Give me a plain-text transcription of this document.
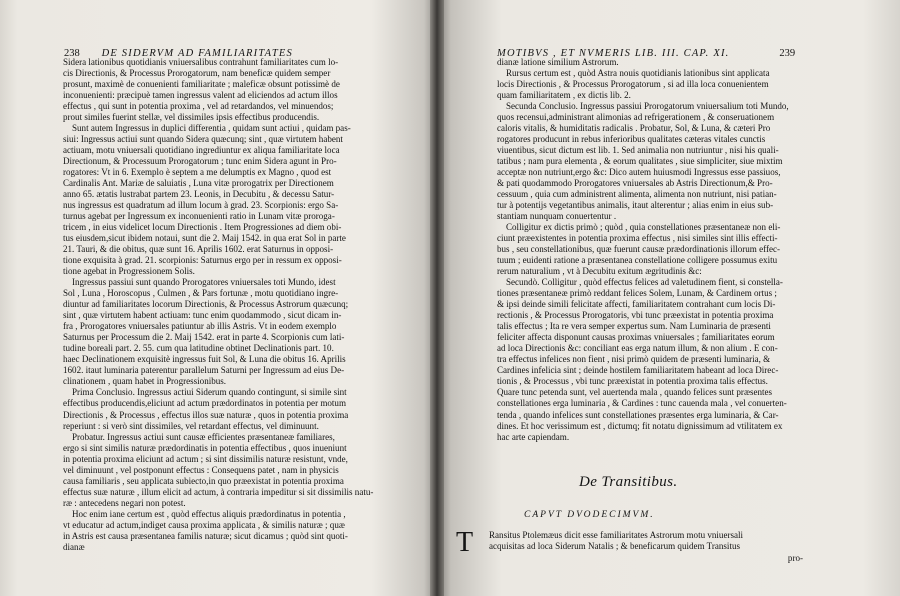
238 DE SIDERVM AD FAMILIARITATES
Sidera lationibus quotidianis vniuersalibus contrahunt familiaritates cum lo-
cis Directionis, & Processus Prorogatorum, nam beneficæ quidem semper
prosunt, maximè de conuenienti familiaritate ; maleficæ obsunt potissimè de
inconuenienti: præcipuè tamen ingressus valent ad eliciendos ad actum illos
effectus , qui sunt in potentia proxima , vel ad retardandos, vel minuendos;
prout similes fuerint stellæ, vel dissimiles ipsis effectibus producendis.
Sunt autem Ingressus in duplici differentia , quidam sunt actiui , quidam pas-
siui: Ingressus actiui sunt quando Sidera quæcunq; sint , quæ virtutem habent
actiuam, motu vniuersali quotidiano ingrediuntur ex aliqua familiaritate loca
Directionum, & Processuum Prorogatorum ; tunc enim Sidera agunt in Pro-
rogatores: Vt in 6. Exemplo è septem a me delumptis ex Magno , quod est
Cardinalis Ant. Mariæ de saluiatis , Luna vitæ prorogatrix per Directionem
anno 65. ætatis lustrabat partem 23. Leonis, in Decubitu , & decessu Satur-
nus ingressus est quadratum ad illum locum à grad. 23. Scorpionis: ergo Sa-
turnus agebat per Ingressum ex inconuenienti ratio in Lunam vitæ proroga-
tricem , in eius videlicet locum Directionis . Item Progressiones ad diem obi-
tus eiusdem,sicut ibidem notaui, sunt die 2. Maij 1542. in qua erat Sol in parte
21. Tauri, & die obitus, quæ sunt 16. Aprilis 1602. erat Saturnus in opposi-
tione exquisita à grad. 21. scorpionis: Saturnus ergo per in ressum ex opposi-
tione agebat in Progressionem Solis.
Ingressus passiui sunt quando Prorogatores vniuersales toti Mundo, idest
Sol , Luna , Horoscopus , Culmen , & Pars fortunæ , motu quotidiano ingre-
diuntur ad familiaritates locorum Directionis, & Processus Astrorum quæcunq;
sint , quæ virtutem habent actiuam: tunc enim quodammodo , sicut dicam in-
fra , Prorogatores vniuersales patiuntur ab illis Astris. Vt in eodem exemplo
Saturnus per Processum die 2. Maij 1542. erat in parte 4. Scorpionis cum lati-
tudine boreali part. 2. 55. cum qua latitudine obtinet Declinationis part. 10.
haec Declinationem exquisitè ingressus fuit Sol, & Luna die obitus 16. Aprilis
1602. itaut luminaria paterentur parallelum Saturni per Ingressum ad eius De-
clinationem , quam habet in Progressionibus.
Prima Conclusio. Ingressus actiui Siderum quando contingunt, si simile sint
effectibus producendis,eliciunt ad actum prædordinatos in potentia per motum
Directionis , & Processus , effectus illos suæ naturæ , quos in potentia proxima
reperiunt : si verò sint dissimiles, vel retardant effectus, vel diminuunt.
Probatur. Ingressus actiui sunt causæ efficientes præsentaneæ familiares,
ergo si sint similis naturæ prædordinatis in potentia effectibus , quos inueniunt
in potentia proxima eliciunt ad actum ; si sint dissimilis naturæ resistunt, vnde,
vel diminuunt , vel postponunt effectus : Consequens patet , nam in physicis
causa familiaris , seu applicata subiecto,in quo præexistat in potentia proxima
effectus suæ naturæ , illum elicit ad actum, à contraria impeditur si sit dissimilis natu-
ræ : antecedens negari non potest.
Hoc enim iane certum est , quòd effectus aliquis prædordinatus in potentia ,
vt educatur ad actum,indiget causa proxima applicata , & similis naturæ ; quæ
in Astris est causa præsentanea familis naturæ; sicut dicamus ; quòd sint quoti-
dianæ
MOTIBVS , ET NVMERIS LIB. III. CAP. XI.	239
dianæ latione similium Astrorum.
Rursus certum est , quòd Astra nouis quotidianis lationibus sint applicata
locis Directionis , & Processus Prorogatorum , si ad illa loca conuenientem
quam familiaritatem , ex dictis lib. 2.
Secunda Conclusio. Ingressus passiui Prorogatorum vniuersalium toti Mundo,
quos recensui,administrant alimonias ad refrigerationem , & conseruationem
caloris vitalis, & humiditatis radicalis . Probatur, Sol, & Luna, & cæteri Pro
rogatores producunt in rebus inferioribus qualitates cæteras vitales cunctis
viuentibus, sicut dictum est lib. 1. Sed animalia non nutriuntur , nisi his quali-
tatibus ; nam pura elementa , & eorum qualitates , siue simpliciter, siue mixtim
acceptæ non nutriunt,ergo &c: Dico autem huiusmodi Ingressus esse passiuos,
& pati quodammodo Prorogatores vniuersales ab Astris Directionum,& Pro-
cessuum , quia cum administrent alimenta, alimenta non nutriunt, nisi patian-
tur à potentijs vegetantibus animalis, itaut alterentur ; alias enim in eius sub-
stantiam nunquam conuertentur .
Colligitur ex dictis primò ; quòd , quia constellationes præsentaneæ non eli-
ciunt præexistentes in potentia proxima effectus , nisi similes sint illis effecti-
bus , seu constellationibus, quæ fuerunt causæ prædordinationis illorum effec-
tuum ; euidenti ratione a præsentanea constellatione colligere possumus exitu
rerum naturalium , vt à Decubitu exitum ægritudinis &c:
Secundò. Colligitur , quòd effectus felices ad valetudinem fient, si constella-
tiones præsentaneæ primò reddant felices Solem, Lunam, & Cardinem ortus ;
& ipsi deinde simili felicitate affecti, familiaritatem contrahant cum locis Di-
rectionis , & Processus Prorogatoris, vbi tunc præexistat in potentia proxima
talis effectus ; Ita re vera semper expertus sum. Nam Luminaria de præsenti
feliciter affecta disponunt causas proximas vniuersales ; familiaritates eorum
ad loca Directionis &c: conciliant eas erga natum illum, & non alium . E con-
tra effectus infelices non fient , nisi primò quidem de præsenti luminaria, &
Cardines infelicia sint ; deinde hostilem familiaritatem habeant ad loca Direc-
tionis , & Processus , vbi tunc præexistat in potentia proxima talis effectus.
Quare tunc petenda sunt, vel auertenda mala , quando felices sunt præsentes
constellationes erga luminaria , & Cardines : tunc cauenda mala , vel conuerten-
tenda , quando infelices sunt constellationes præsentes erga luminaria, & Car-
dines. Et hoc verissimum est , dictumq; fit notatu dignissimum ad vtilitatem ex
hac arte capiendam.
De Transitibus.
CAPVT DVODECIMVM.
T Ransitus Ptolemæus dicit esse familiaritates Astrorum motu vniuersali
acquisitas ad loca Siderum Natalis ; & beneficarum quidem Transitus
pro-
